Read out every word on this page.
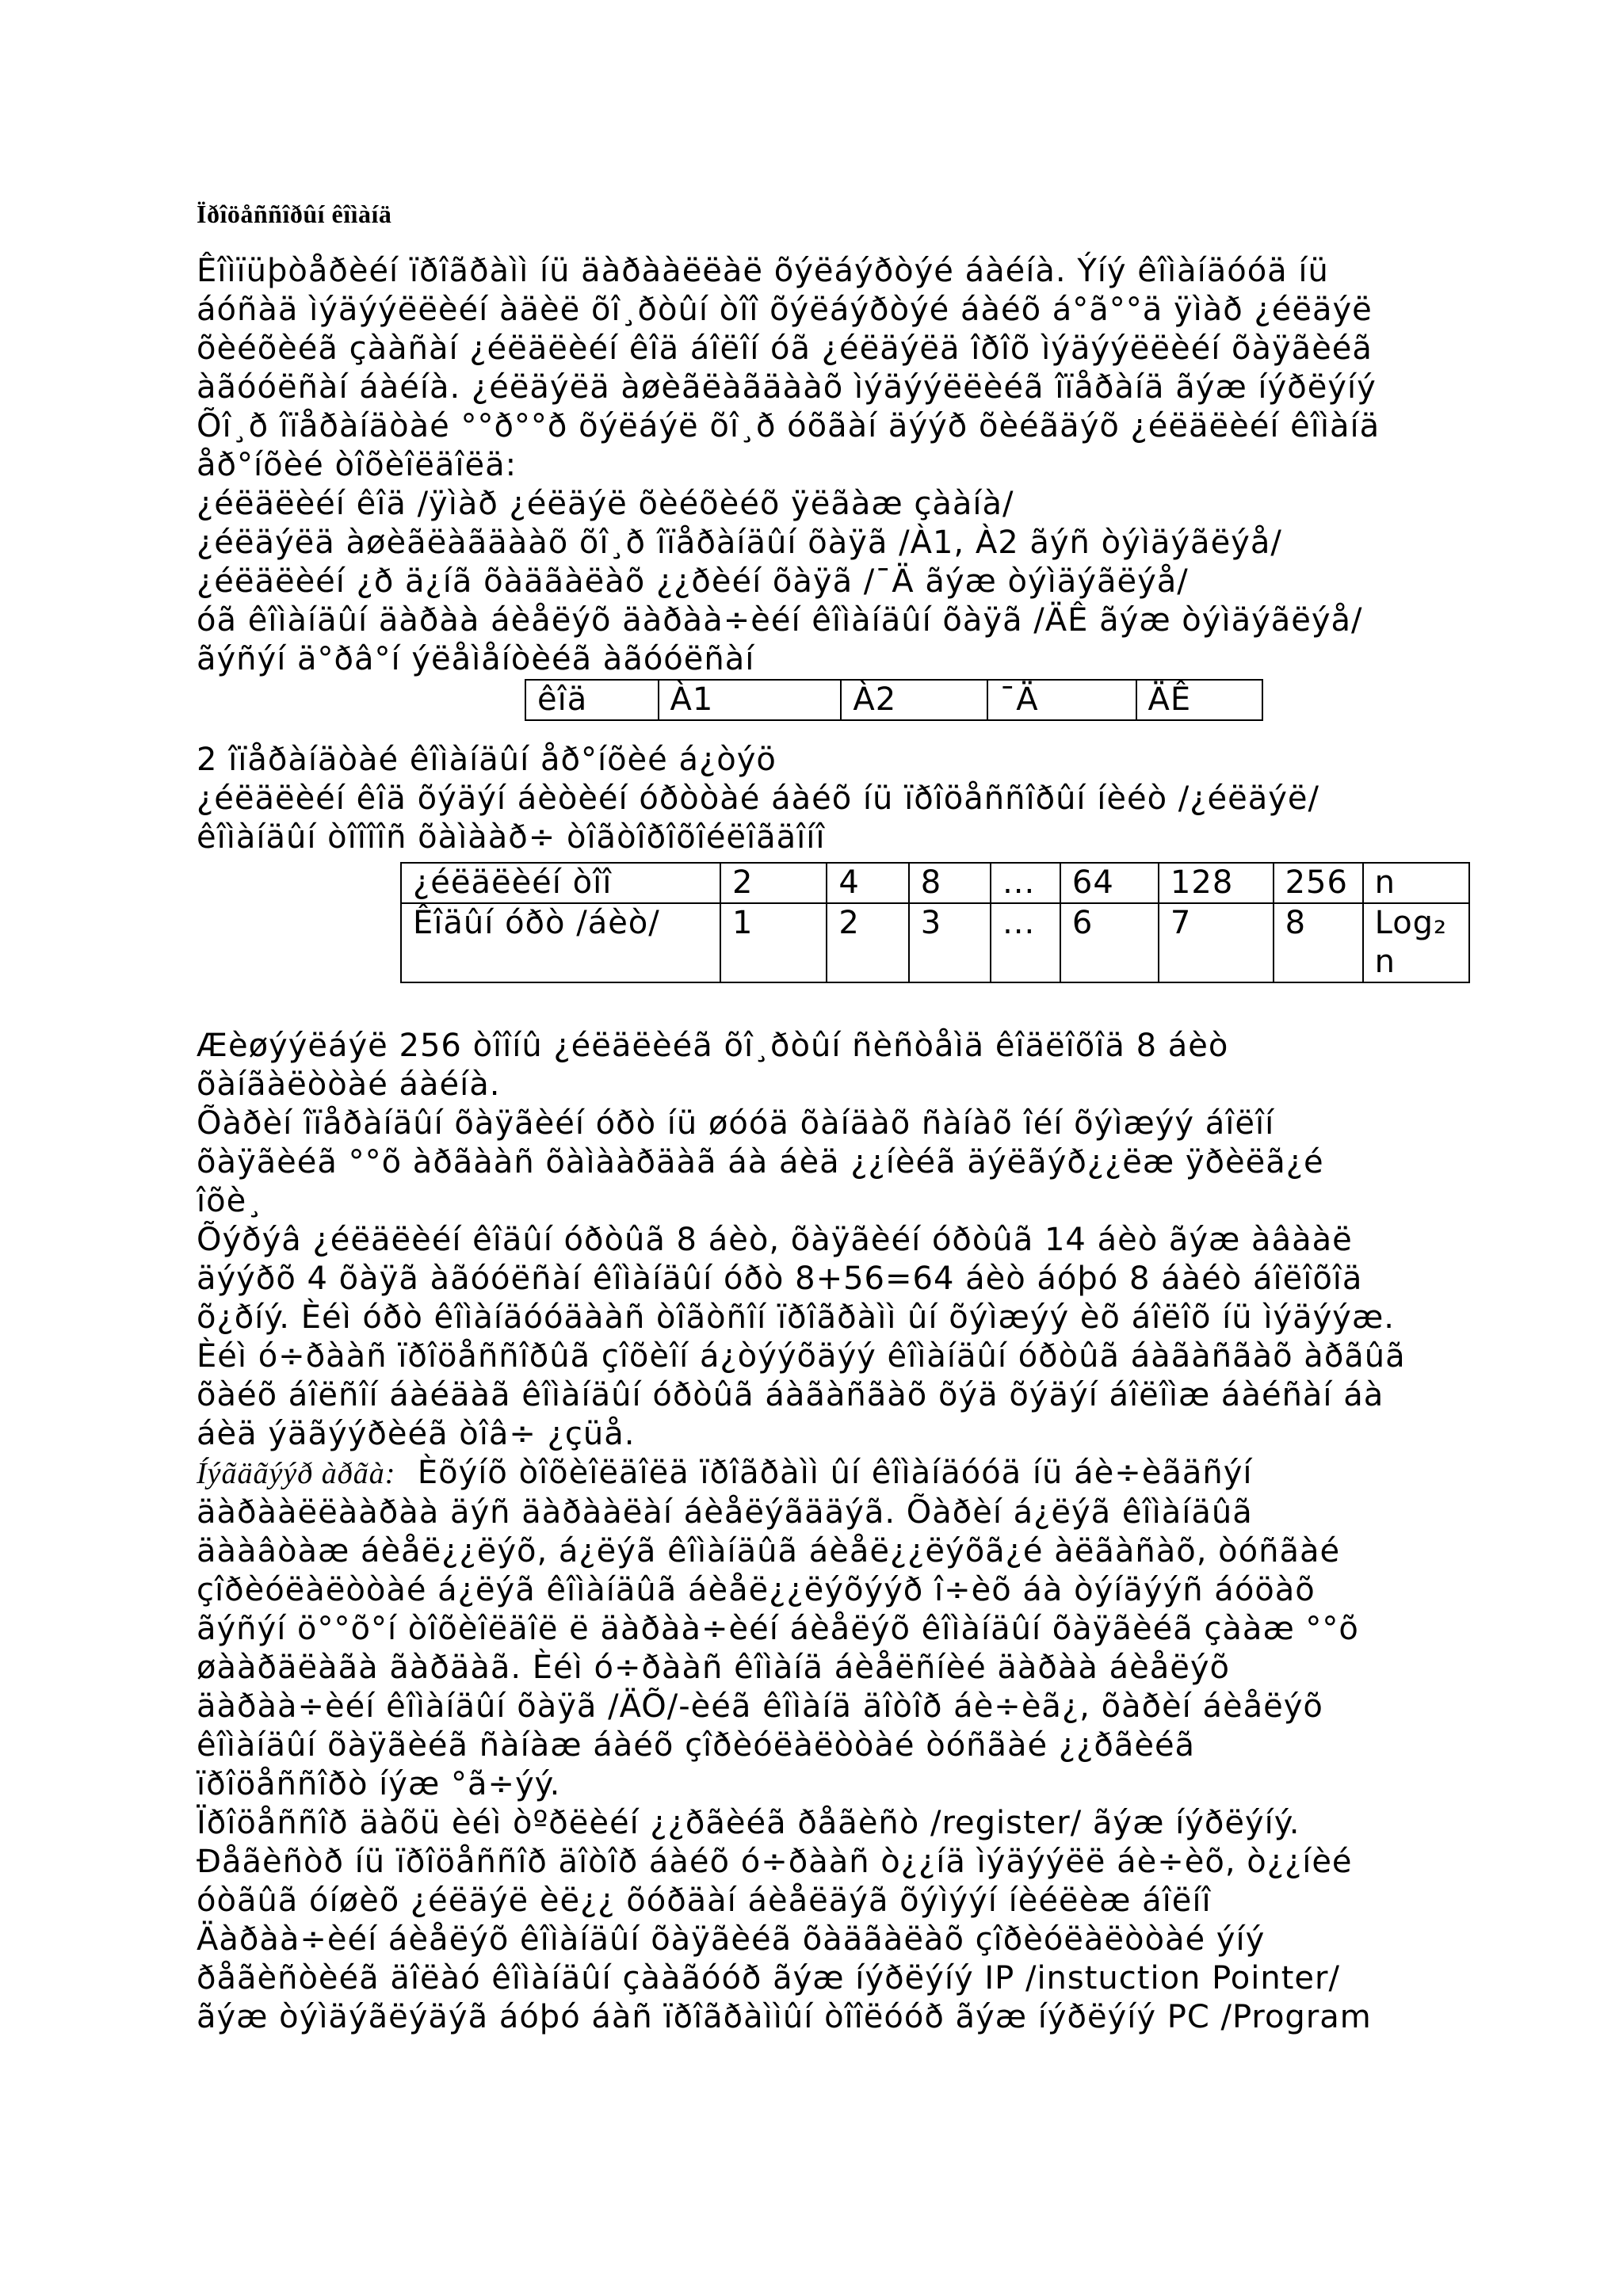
Ïðîöåññîðûí êîìàíä
Êîìïüþòåðèéí ïðîãðàìì íü äàðààëëàë õýëáýðòýé áàéíà. Ýíý êîìàíäóóä íü
áóñàä ìýäýýëëèéí àäèë õî¸ðòûí òîî õýëáýðòýé áàéõ á°ã°°ä ÿìàð ¿éëäýë
õèéõèéã çààñàí ¿éëäëèéí êîä áîëîí óã ¿éëäýëä îðîõ ìýäýýëëèéí õàÿãèéã
àãóóëñàí áàéíà. ¿éëäýëä àøèãëàãäààõ ìýäýýëëèéã îïåðàíä ãýæ íýðëýíý
Õî¸ð îïåðàíäòàé °°ð°°ð õýëáýë õî¸ð óõãàí äýýð õèéãäýõ ¿éëäëèéí êîìàíä
åð°íõèé òîõèîëäîëä:
¿éëäëèéí êîä /ÿìàð ¿éëäýë õèéõèéõ ÿëãàæ çààíà/
¿éëäýëä àøèãëàãäààõ õî¸ð îïåðàíäûí õàÿã /À1, À2 ãýñ òýìäýãëýå/
¿éëäëèéí ¿ð ä¿íã õàäãàëàõ ¿¿ðèéí õàÿã /¯Ä ãýæ òýìäýãëýå/
óã êîìàíäûí äàðàà áèåëýõ äàðàà÷èéí êîìàíäûí õàÿã /ÄÊ ãýæ òýìäýãëýå/
ãýñýí ä°ðâ°í ýëåìåíòèéã àãóóëñàí
êîä	À1	À2	¯Ä	ÄÊ
2 îïåðàíäòàé êîìàíäûí åð°íõèé á¿òýö
¿éëäëèéí êîä õýäýí áèòèéí óðòòàé áàéõ íü ïðîöåññîðûí íèéò /¿éëäýë/
êîìàíäûí òîîîîñ õàìààð÷ òîãòîðîõîéëîãäîíî
¿éëäëèéí òîî	2	4	8	...	64	128	256	n
Êîäûí óðò /áèò/	1	2	3	...	6	7	8	Log₂ n
Æèøýýëáýë 256 òîîíû ¿éëäëèéã õî¸ðòûí ñèñòåìä êîäëîõîä 8 áèò
õàíãàëòòàé áàéíà.
Õàðèí îïåðàíäûí õàÿãèéí óðò íü øóóä õàíäàõ ñàíàõ îéí õýìæýý áîëîí
õàÿãèéã °°õ àðãààñ õàìààðäàã áà áèä ¿¿íèéã äýëãýð¿¿ëæ ÿðèëã¿é
îõè¸
Õýðýâ ¿éëäëèéí êîäûí óðòûã 8 áèò, õàÿãèéí óðòûã 14 áèò ãýæ àâààë
äýýðõ 4 õàÿã àãóóëñàí êîìàíäûí óðò 8+56=64 áèò áóþó 8 áàéò áîëîõîä
õ¿ðíý. Èéì óðò êîìàíäóóäààñ òîãòñîí ïðîãðàìì ûí õýìæýý èõ áîëîõ íü ìýäýýæ.
Èéì ó÷ðààñ ïðîöåññîðûã çîõèîí á¿òýýõäýý êîìàíäûí óðòûã áàãàñãàõ àðãûã
õàéõ áîëñîí áàéäàã êîìàíäûí óðòûã áàãàñãàõ õýä õýäýí áîëîìæ áàéñàí áà
áèä ýäãýýðèéã òîâ÷ ¿çüå.
Íýãäãýýð àðãà: Èõýíõ òîõèîëäîëä ïðîãðàìì ûí êîìàíäóóä íü áè÷èãäñýí
äàðààëëààðàà äýñ äàðààëàí áèåëýãääýã. Õàðèí á¿ëýã êîìàíäûã
äààâòàæ áèåë¿¿ëýõ, á¿ëýã êîìàíäûã áèåë¿¿ëýõã¿é àëãàñàõ, òóñãàé
çîðèóëàëòòàé á¿ëýã êîìàíäûã áèåë¿¿ëýõýýð î÷èõ áà òýíäýýñ áóöàõ
ãýñýí ö°°õ°í òîõèîëäîë ë äàðàà÷èéí áèåëýõ êîìàíäûí õàÿãèéã çààæ °°õ
øààðäëàãà ãàðäàã. Èéì ó÷ðààñ êîìàíä áèåëñíèé äàðàà áèåëýõ
äàðàà÷èéí êîìàíäûí õàÿã /ÄÕ/-èéã êîìàíä äîòîð áè÷èã¿, õàðèí áèåëýõ
êîìàíäûí õàÿãèéã ñàíàæ áàéõ çîðèóëàëòòàé òóñãàé ¿¿ðãèéã
ïðîöåññîðò íýæ °ã÷ýý.
Ïðîöåññîð äàõü èéì òºðëèéí ¿¿ðãèéã ðåãèñò /register/ ãýæ íýðëýíý.
Ðåãèñòð íü ïðîöåññîð äîòîð áàéõ ó÷ðààñ ò¿¿íä ìýäýýëë áè÷èõ, ò¿¿íèé
óòãûã óíøèõ ¿éëäýë èë¿¿ õóðäàí áèåëäýã õýìýýí íèéëèæ áîëíî
Äàðàà÷èéí áèåëýõ êîìàíäûí õàÿãèéã õàäãàëàõ çîðèóëàëòòàé ýíý
ðåãèñòèéã äîëàó êîìàíäûí çààãóóð ãýæ íýðëýíý IP /instuction Pointer/
ãýæ òýìäýãëýäýã áóþó áàñ ïðîãðàììûí òîîëóóð ãýæ íýðëýíý PC /Program
